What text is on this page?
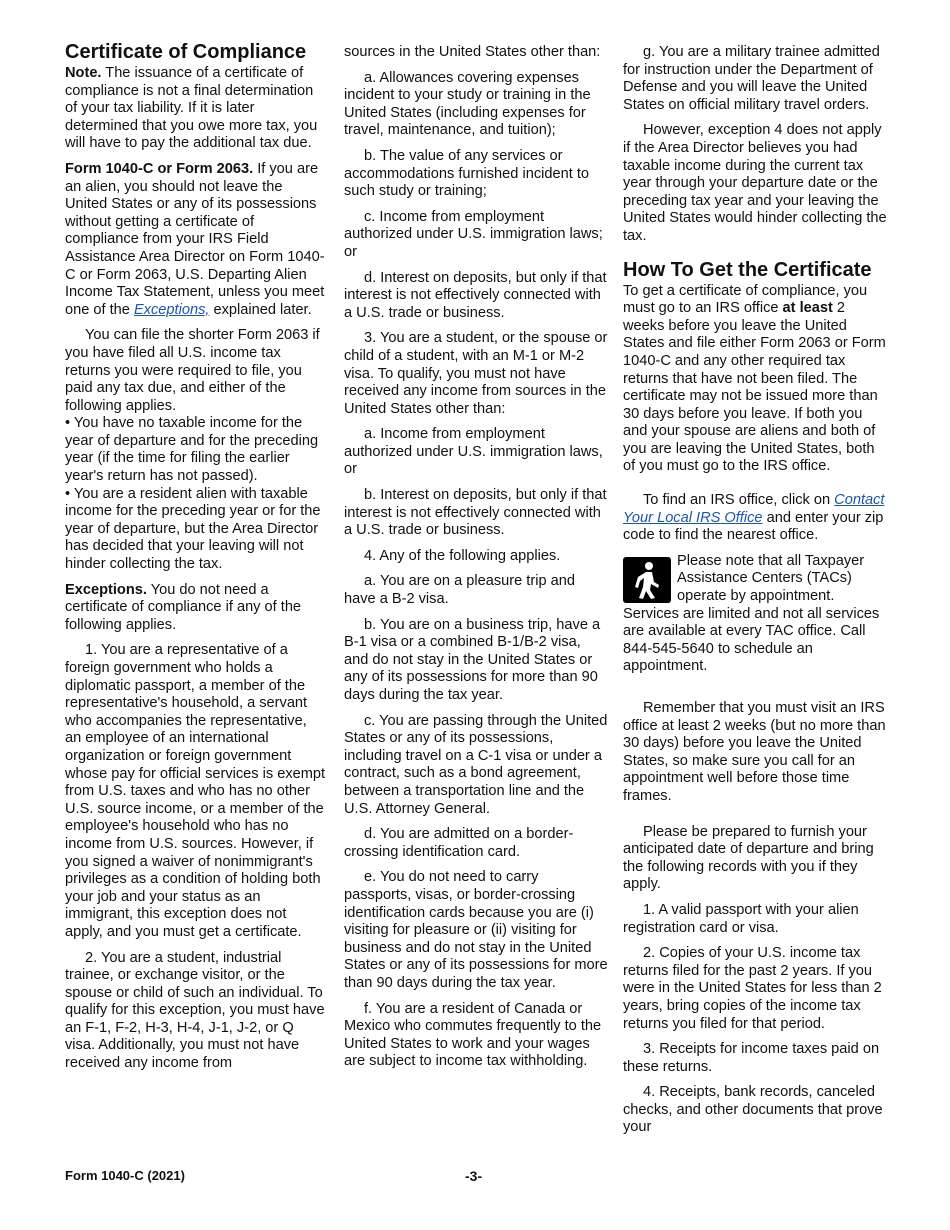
Certificate of Compliance

Note. The issuance of a certificate of compliance is not a final determination of your tax liability. If it is later determined that you owe more tax, you will have to pay the additional tax due.

Form 1040-C or Form 2063. If you are an alien, you should not leave the United States or any of its possessions without getting a certificate of compliance from your IRS Field Assistance Area Director on Form 1040-C or Form 2063, U.S. Departing Alien Income Tax Statement, unless you meet one of the Exceptions, explained later.

You can file the shorter Form 2063 if you have filed all U.S. income tax returns you were required to file, you paid any tax due, and either of the following applies.

• You have no taxable income for the year of departure and for the preceding year (if the time for filing the earlier year's return has not passed).

• You are a resident alien with taxable income for the preceding year or for the year of departure, but the Area Director has decided that your leaving will not hinder collecting the tax.

Exceptions. You do not need a certificate of compliance if any of the following applies.

1. You are a representative of a foreign government who holds a diplomatic passport, a member of the representative's household, a servant who accompanies the representative, an employee of an international organization or foreign government whose pay for official services is exempt from U.S. taxes and who has no other U.S. source income, or a member of the employee's household who has no income from U.S. sources. However, if you signed a waiver of nonimmigrant's privileges as a condition of holding both your job and your status as an immigrant, this exception does not apply, and you must get a certificate.

2. You are a student, industrial trainee, or exchange visitor, or the spouse or child of such an individual. To qualify for this exception, you must have an F-1, F-2, H-3, H-4, J-1, J-2, or Q visa. Additionally, you must not have received any income from

sources in the United States other than:

a. Allowances covering expenses incident to your study or training in the United States (including expenses for travel, maintenance, and tuition);

b. The value of any services or accommodations furnished incident to such study or training;

c. Income from employment authorized under U.S. immigration laws; or

d. Interest on deposits, but only if that interest is not effectively connected with a U.S. trade or business.

3. You are a student, or the spouse or child of a student, with an M-1 or M-2 visa. To qualify, you must not have received any income from sources in the United States other than:

a. Income from employment authorized under U.S. immigration laws, or

b. Interest on deposits, but only if that interest is not effectively connected with a U.S. trade or business.

4. Any of the following applies.

a. You are on a pleasure trip and have a B-2 visa.

b. You are on a business trip, have a B-1 visa or a combined B-1/B-2 visa, and do not stay in the United States or any of its possessions for more than 90 days during the tax year.

c. You are passing through the United States or any of its possessions, including travel on a C-1 visa or under a contract, such as a bond agreement, between a transportation line and the U.S. Attorney General.

d. You are admitted on a border-crossing identification card.

e. You do not need to carry passports, visas, or border-crossing identification cards because you are (i) visiting for pleasure or (ii) visiting for business and do not stay in the United States or any of its possessions for more than 90 days during the tax year.

f. You are a resident of Canada or Mexico who commutes frequently to the United States to work and your wages are subject to income tax withholding.

g. You are a military trainee admitted for instruction under the Department of Defense and you will leave the United States on official military travel orders.

However, exception 4 does not apply if the Area Director believes you had taxable income during the current tax year through your departure date or the preceding tax year and your leaving the United States would hinder collecting the tax.

How To Get the Certificate

To get a certificate of compliance, you must go to an IRS office at least 2 weeks before you leave the United States and file either Form 2063 or Form 1040-C and any other required tax returns that have not been filed. The certificate may not be issued more than 30 days before you leave. If both you and your spouse are aliens and both of you are leaving the United States, both of you must go to the IRS office.

To find an IRS office, click on Contact Your Local IRS Office and enter your zip code to find the nearest office.

Please note that all Taxpayer Assistance Centers (TACs) operate by appointment. Services are limited and not all services are available at every TAC office. Call 844-545-5640 to schedule an appointment.

Remember that you must visit an IRS office at least 2 weeks (but no more than 30 days) before you leave the United States, so make sure you call for an appointment well before those time frames.

Please be prepared to furnish your anticipated date of departure and bring the following records with you if they apply.

1. A valid passport with your alien registration card or visa.

2. Copies of your U.S. income tax returns filed for the past 2 years. If you were in the United States for less than 2 years, bring copies of the income tax returns you filed for that period.

3. Receipts for income taxes paid on these returns.

4. Receipts, bank records, canceled checks, and other documents that prove your

Form 1040-C (2021)	-3-
